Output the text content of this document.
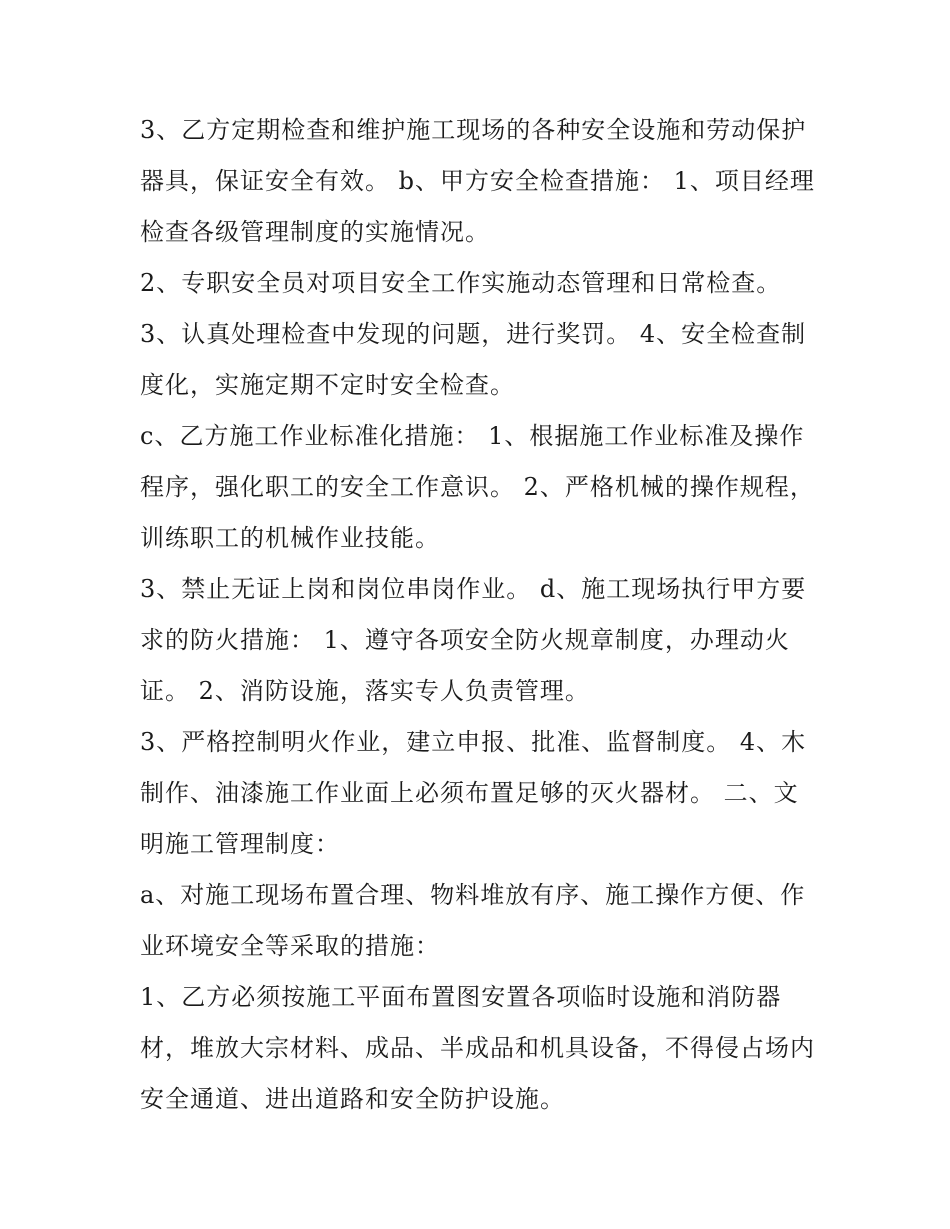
3、乙方定期检查和维护施工现场的各种安全设施和劳动保护
器具，保证安全有效。 b、甲方安全检查措施： 1、项目经理
检查各级管理制度的实施情况。
2、专职安全员对项目安全工作实施动态管理和日常检查。
3、认真处理检查中发现的问题，进行奖罚。 4、安全检查制
度化，实施定期不定时安全检查。
c、乙方施工作业标准化措施： 1、根据施工作业标准及操作
程序，强化职工的安全工作意识。 2、严格机械的操作规程，
训练职工的机械作业技能。
3、禁止无证上岗和岗位串岗作业。 d、施工现场执行甲方要
求的防火措施： 1、遵守各项安全防火规章制度，办理动火
证。 2、消防设施，落实专人负责管理。
3、严格控制明火作业，建立申报、批准、监督制度。 4、木
制作、油漆施工作业面上必须布置足够的灭火器材。 二、文
明施工管理制度：
a、对施工现场布置合理、物料堆放有序、施工操作方便、作
业环境安全等采取的措施：
1、乙方必须按施工平面布置图安置各项临时设施和消防器
材，堆放大宗材料、成品、半成品和机具设备，不得侵占场内
安全通道、进出道路和安全防护设施。
